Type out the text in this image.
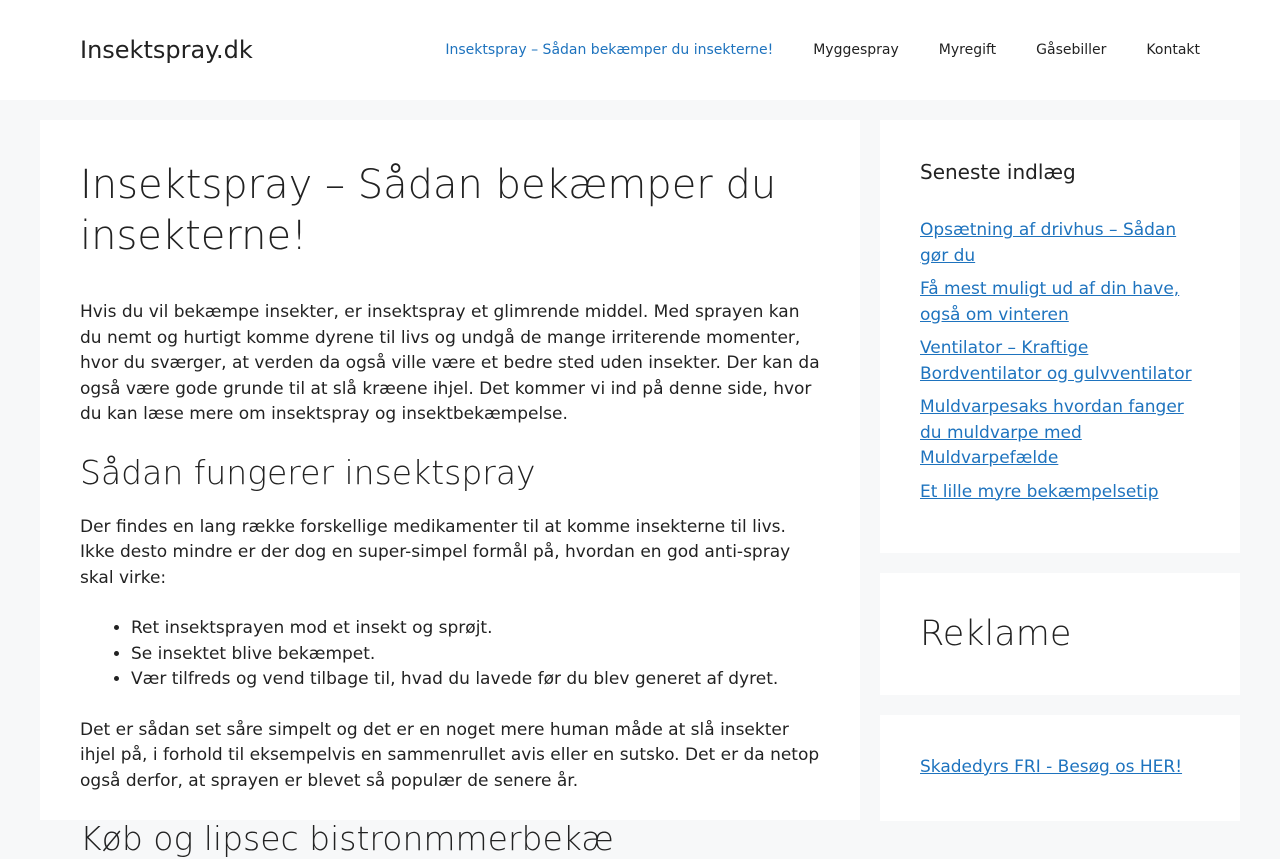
Insektspray.dk	Insektspray – Sådan bekæmper du insekterne!	Myggespray	Myregift	Gåsebiller	Kontakt
Insektspray – Sådan bekæmper du insekterne!

Hvis du vil bekæmpe insekter, er insektspray et glimrende middel. Med sprayen kan du nemt og hurtigt komme dyrene til livs og undgå de mange irriterende momenter, hvor du sværger, at verden da også ville være et bedre sted uden insekter. Der kan da også være gode grunde til at slå kræene ihjel. Det kommer vi ind på denne side, hvor du kan læse mere om insektspray og insektbekæmpelse.

Sådan fungerer insektspray

Der findes en lang række forskellige medikamenter til at komme insekterne til livs. Ikke desto mindre er der dog en super-simpel formål på, hvordan en god anti-spray skal virke:

• Ret insektsprayen mod et insekt og sprøjt.
• Se insektet blive bekæmpet.
• Vær tilfreds og vend tilbage til, hvad du lavede før du blev generet af dyret.

Det er sådan set såre simpelt og det er en noget mere human måde at slå insekter ihjel på, i forhold til eksempelvis en sammenrullet avis eller en sutsko. Det er da netop også derfor, at sprayen er blevet så populær de senere år.

Køb og lipsec bistronmmerbekæ
Seneste indlæg
Opsætning af drivhus – Sådan gør du
Få mest muligt ud af din have, også om vinteren
Ventilator – Kraftige Bordventilator og gulvventilator
Muldvarpesaks hvordan fanger du muldvarpe med Muldvarpefælde
Et lille myre bekæmpelsetip
Reklame
Skadedyrs FRI - Besøg os HER!
